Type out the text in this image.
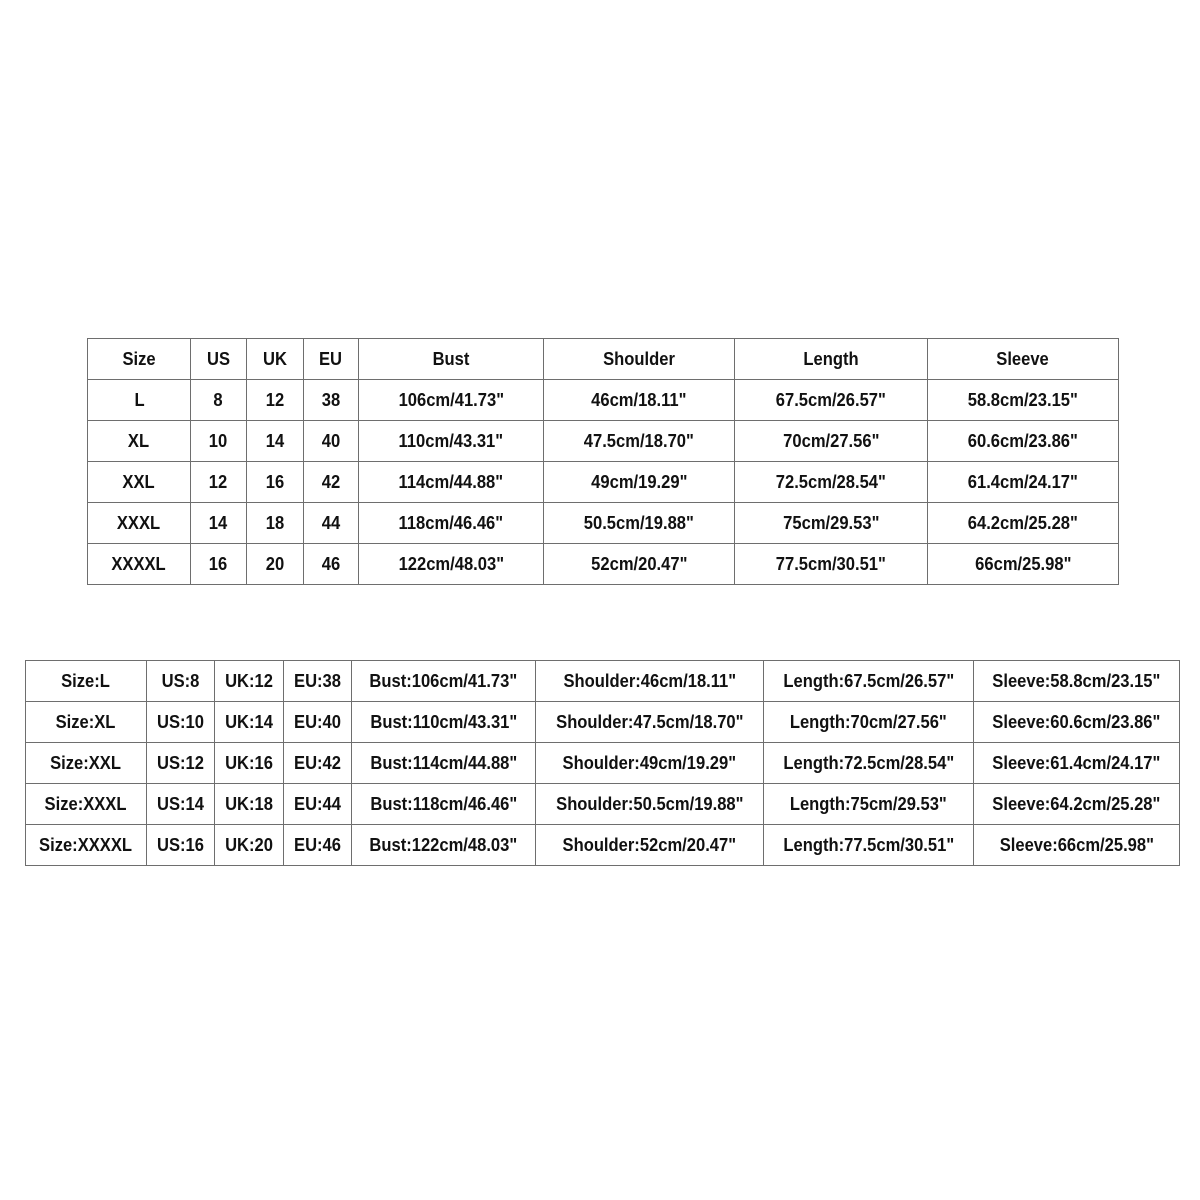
Size	US	UK	EU	Bust	Shoulder	Length	Sleeve
L	8	12	38	106cm/41.73"	46cm/18.11"	67.5cm/26.57"	58.8cm/23.15"
XL	10	14	40	110cm/43.31"	47.5cm/18.70"	70cm/27.56"	60.6cm/23.86"
XXL	12	16	42	114cm/44.88"	49cm/19.29"	72.5cm/28.54"	61.4cm/24.17"
XXXL	14	18	44	118cm/46.46"	50.5cm/19.88"	75cm/29.53"	64.2cm/25.28"
XXXXL	16	20	46	122cm/48.03"	52cm/20.47"	77.5cm/30.51"	66cm/25.98"
Size:L	US:8	UK:12	EU:38	Bust:106cm/41.73"	Shoulder:46cm/18.11"	Length:67.5cm/26.57"	Sleeve:58.8cm/23.15"
Size:XL	US:10	UK:14	EU:40	Bust:110cm/43.31"	Shoulder:47.5cm/18.70"	Length:70cm/27.56"	Sleeve:60.6cm/23.86"
Size:XXL	US:12	UK:16	EU:42	Bust:114cm/44.88"	Shoulder:49cm/19.29"	Length:72.5cm/28.54"	Sleeve:61.4cm/24.17"
Size:XXXL	US:14	UK:18	EU:44	Bust:118cm/46.46"	Shoulder:50.5cm/19.88"	Length:75cm/29.53"	Sleeve:64.2cm/25.28"
Size:XXXXL	US:16	UK:20	EU:46	Bust:122cm/48.03"	Shoulder:52cm/20.47"	Length:77.5cm/30.51"	Sleeve:66cm/25.98"
